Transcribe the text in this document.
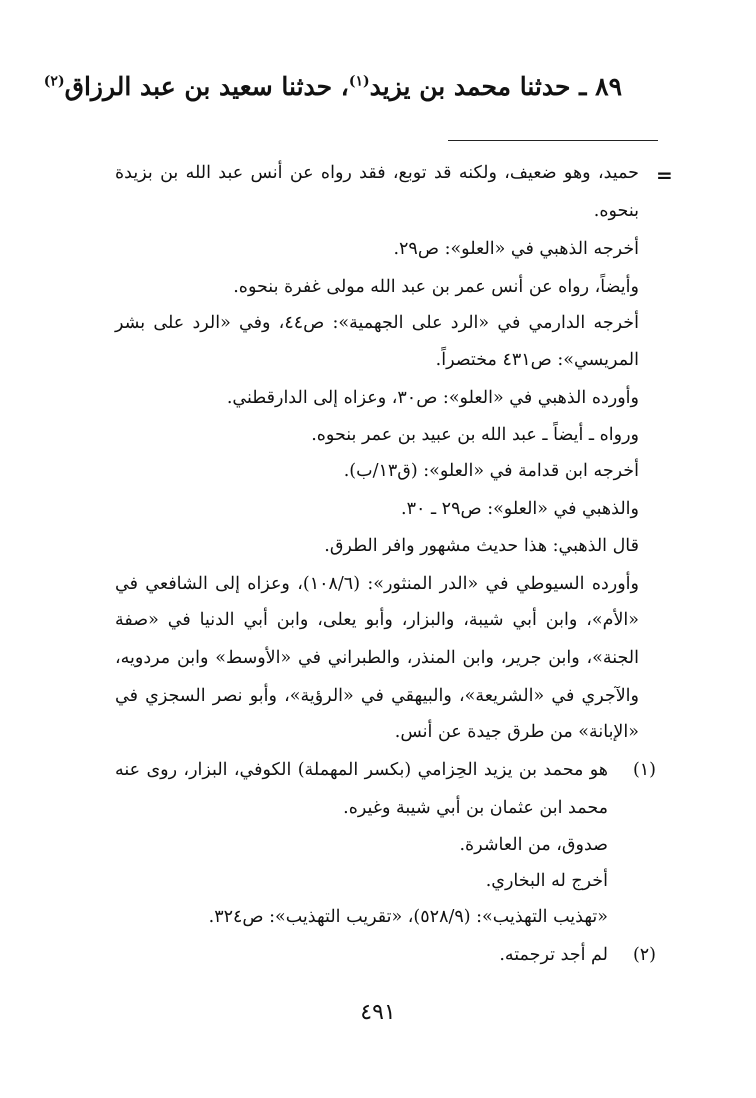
٨٩ ـ حدثنا محمد بن يزيد$^{(١)}$، حدثنا سعيد بن عبد الرزاق$^{(٢)}$
=
حميد، وهو ضعيف، ولكنه قد توبع، فقد رواه عن أنس عبد الله بن بزيدة
بنحوه.
أخرجه الذهبي في «العلو»: ص٢٩.
وأيضاً، رواه عن أنس عمر بن عبد الله مولى غفرة بنحوه.
أخرجه الدارمي في «الرد على الجهمية»: ص٤٤، وفي «الرد على بشر
المريسي»: ص٤٣١ مختصراً.
وأورده الذهبي في «العلو»: ص٣٠، وعزاه إلى الدارقطني.
ورواه ـ أيضاً ـ عبد الله بن عبيد بن عمر بنحوه.
أخرجه ابن قدامة في «العلو»: (ق١٣/ب).
والذهبي في «العلو»: ص٢٩ ـ ٣٠.
قال الذهبي: هذا حديث مشهور وافر الطرق.
وأورده السيوطي في «الدر المنثور»: (١٠٨/٦)، وعزاه إلى الشافعي في
«الأم»، وابن أبي شيبة، والبزار، وأبو يعلى، وابن أبي الدنيا في «صفة
الجنة»، وابن جرير، وابن المنذر، والطبراني في «الأوسط» وابن مردويه،
والآجري في «الشريعة»، والبيهقي في «الرؤية»، وأبو نصر السجزي في
«الإبانة» من طرق جيدة عن أنس.
(١)
هو محمد بن يزيد الحِزامي (بكسر المهملة) الكوفي، البزار، روى عنه
محمد ابن عثمان بن أبي شيبة وغيره.
صدوق، من العاشرة.
أخرج له البخاري.
«تهذيب التهذيب»: (٥٢٨/٩)، «تقريب التهذيب»: ص٣٢٤.
(٢)
لم أجد ترجمته.
٤٩١
